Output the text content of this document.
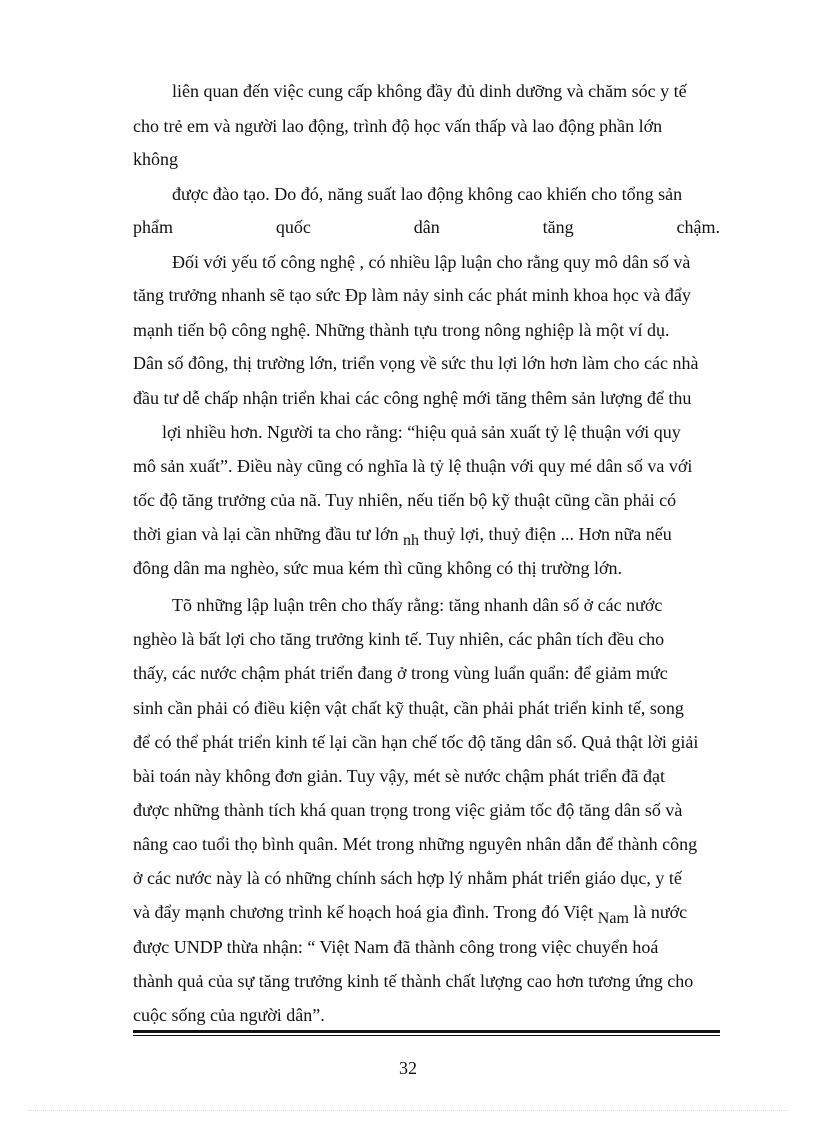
liên quan đến việc cung cấp không đầy đủ dinh dưỡng và chăm sóc y tế
cho trẻ em và người lao động, trình độ học vấn thấp và lao động phần lớn
không
được đào tạo. Do đó, năng suất lao động không cao khiến cho tổng sản
phẩm	quốc	dân	tăng	chậm.
Đối với yếu tố công nghệ , có nhiều lập luận cho rằng quy mô dân số và
tăng trưởng nhanh sẽ tạo sức Đp làm nảy sinh các phát minh khoa học và đẩy
mạnh tiến bộ công nghệ. Những thành tựu trong nông nghiệp là một ví dụ.
Dân số đông, thị trường lớn, triển vọng về sức thu lợi lớn hơn làm cho các nhà
đầu tư dễ chấp nhận triển khai các công nghệ mới tăng thêm sản lượng để thu
lợi nhiều hơn. Người ta cho rằng: “hiệu quả sản xuất tỷ lệ thuận với quy
mô sản xuất”. Điều này cũng có nghĩa là tỷ lệ thuận với quy mé dân số va với
tốc độ tăng trưởng của nã. Tuy nhiên, nếu tiến bộ kỹ thuật cũng cần phải có
thời gian và lại cần những đầu tư lớn nh thuỷ lợi, thuỷ điện ... Hơn nữa nếu
đông dân ma nghèo, sức mua kém thì cũng không có thị trường lớn.
Tõ những lập luận trên cho thấy rằng: tăng nhanh dân số ở các nước
nghèo là bất lợi cho tăng trưởng kinh tế. Tuy nhiên, các phân tích đều cho
thấy, các nước chậm phát triển đang ở trong vùng luẩn quẩn: để giảm mức
sinh cần phải có điều kiện vật chất kỹ thuật, cần phải phát triển kinh tế, song
để có thể phát triển kinh tế lại cần hạn chế tốc độ tăng dân số. Quả thật lời giải
bài toán này không đơn giản. Tuy vậy, mét sè nước chậm phát triển đã đạt
được những thành tích khá quan trọng trong việc giảm tốc độ tăng dân số và
nâng cao tuổi thọ bình quân. Mét trong những nguyên nhân dẫn để thành công
ở các nước này là có những chính sách hợp lý nhằm phát triển giáo dục, y tế
và đẩy mạnh chương trình kế hoạch hoá gia đình. Trong đó Việt Nam là nước
được UNDP thừa nhận: “ Việt Nam đã thành công trong việc chuyển hoá
thành quả của sự tăng trưởng kinh tế thành chất lượng cao hơn tương ứng cho
cuộc sống của người dân”.
32
